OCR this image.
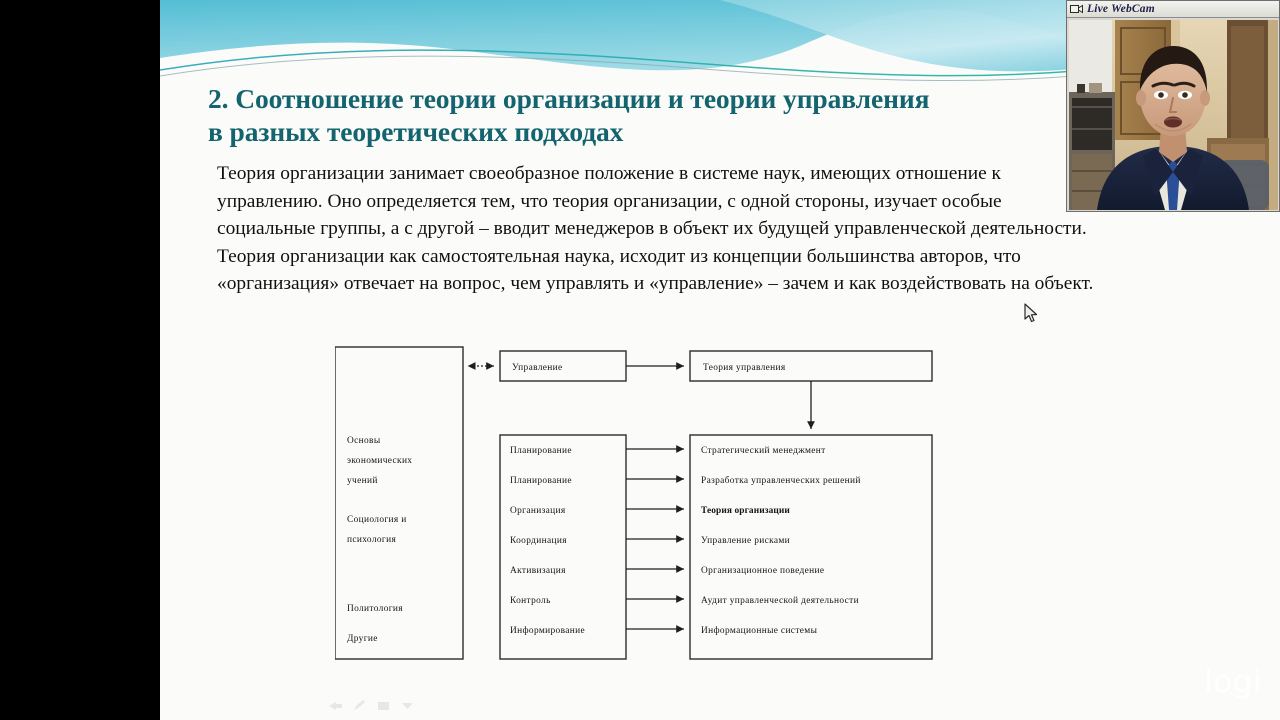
2. Соотношение теории организации и теории управления
в разных теоретических подходах

Теория организации занимает своеобразное положение в системе наук, имеющих отношение к управлению. Оно определяется тем, что теория организации, с одной стороны, изучает особые социальные группы, а с другой – вводит менеджеров в объект их будущей управленческой деятельности. Теория организации как самостоятельная наука, исходит из концепции большинства авторов, что «организация» отвечает на вопрос, чем управлять и «управление» – зачем и как воздействовать на объект.

Основы
экономических
учений
Социология и
психология
Политология
Другие
Управление	Теория управления
Планирование
Планирование
Организация
Координация
Активизация
Контроль
Информирование
Стратегический менеджмент
Разработка управленческих решений
Теория организации
Управление рисками
Организационное поведение
Аудит управленческой деятельности
Информационные системы
logi
Live WebCam
